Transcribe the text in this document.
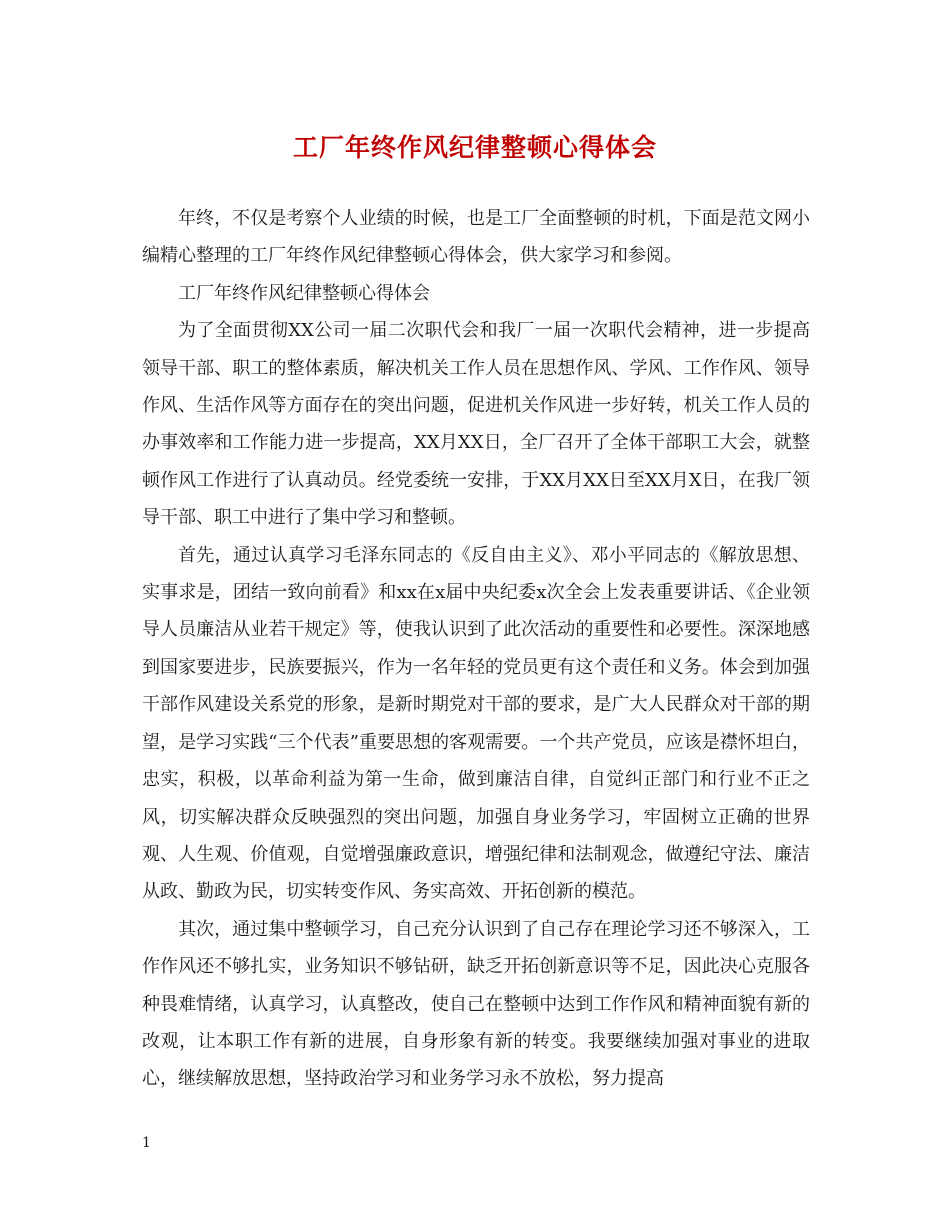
工厂年终作风纪律整顿心得体会

年终，不仅是考察个人业绩的时候，也是工厂全面整顿的时机，下面是范文网小编精心整理的工厂年终作风纪律整顿心得体会，供大家学习和参阅。

工厂年终作风纪律整顿心得体会

为了全面贯彻XX公司一届二次职代会和我厂一届一次职代会精神，进一步提高领导干部、职工的整体素质，解决机关工作人员在思想作风、学风、工作作风、领导作风、生活作风等方面存在的突出问题，促进机关作风进一步好转，机关工作人员的办事效率和工作能力进一步提高，XX月XX日，全厂召开了全体干部职工大会，就整顿作风工作进行了认真动员。经党委统一安排，于XX月XX日至XX月X日，在我厂领导干部、职工中进行了集中学习和整顿。

首先，通过认真学习毛泽东同志的《反自由主义》、邓小平同志的《解放思想、实事求是，团结一致向前看》和xx在x届中央纪委x次全会上发表重要讲话、《企业领导人员廉洁从业若干规定》等，使我认识到了此次活动的重要性和必要性。深深地感到国家要进步，民族要振兴，作为一名年轻的党员更有这个责任和义务。体会到加强干部作风建设关系党的形象，是新时期党对干部的要求，是广大人民群众对干部的期望，是学习实践“三个代表”重要思想的客观需要。一个共产党员，应该是襟怀坦白，忠实，积极，以革命利益为第一生命，做到廉洁自律，自觉纠正部门和行业不正之风，切实解决群众反映强烈的突出问题，加强自身业务学习，牢固树立正确的世界观、人生观、价值观，自觉增强廉政意识，增强纪律和法制观念，做遵纪守法、廉洁从政、勤政为民，切实转变作风、务实高效、开拓创新的模范。

其次，通过集中整顿学习，自己充分认识到了自己存在理论学习还不够深入，工作作风还不够扎实，业务知识不够钻研，缺乏开拓创新意识等不足，因此决心克服各种畏难情绪，认真学习，认真整改，使自己在整顿中达到工作作风和精神面貌有新的改观，让本职工作有新的进展，自身形象有新的转变。我要继续加强对事业的进取心，继续解放思想，坚持政治学习和业务学习永不放松，努力提高

1
